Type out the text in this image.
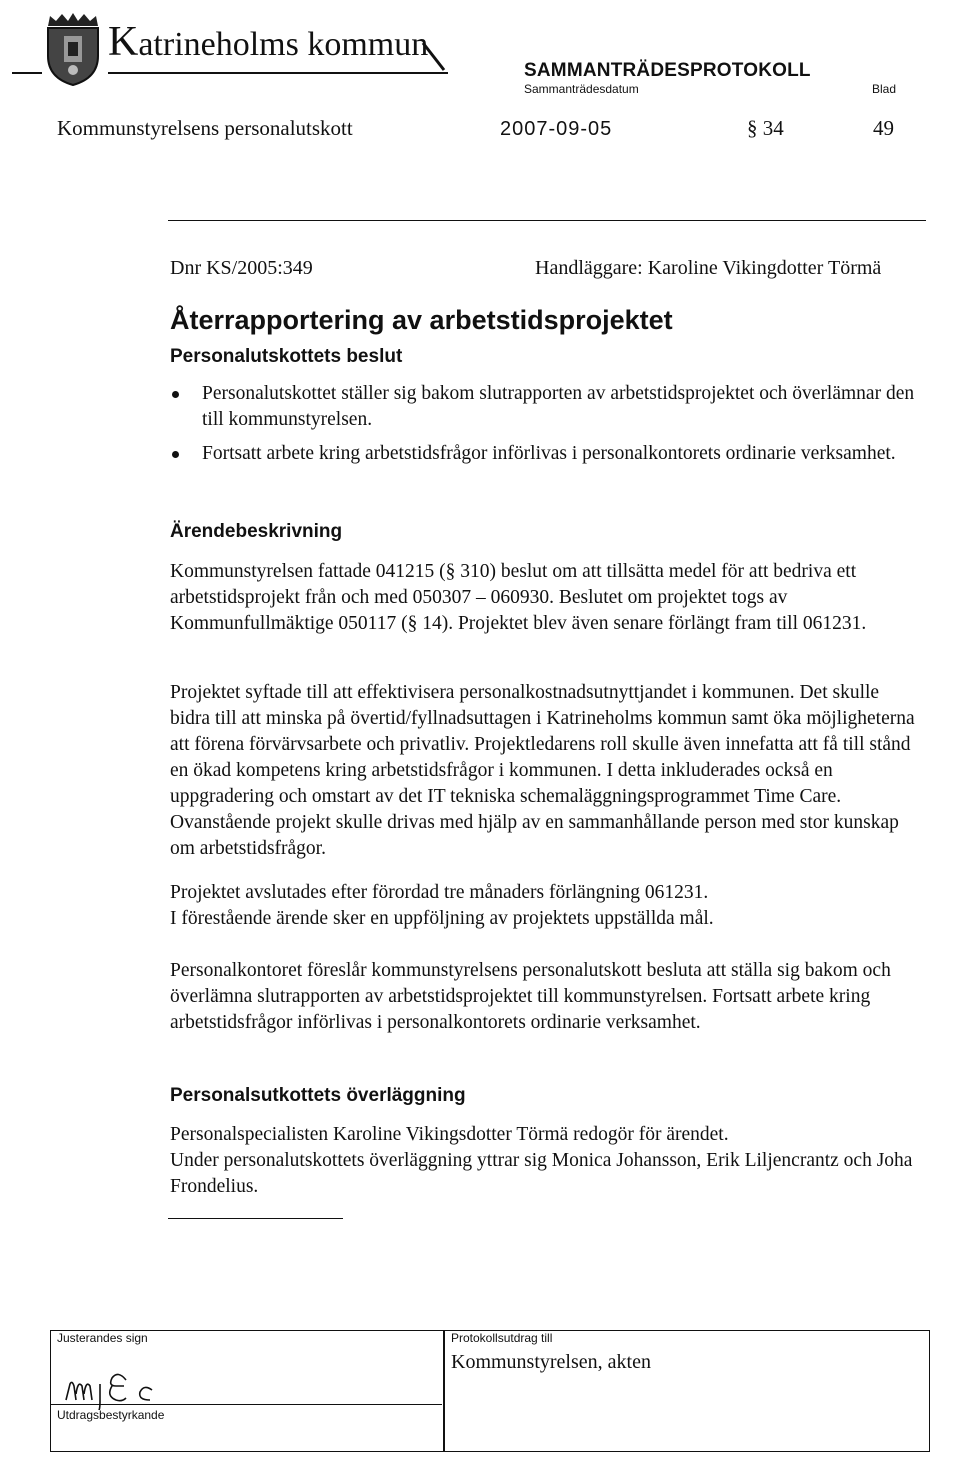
Katrineholms kommun
SAMMANTRÄDESPROTOKOLL
Sammanträdesdatum	Blad
Kommunstyrelsens personalutskott	2007-09-05	§ 34	49
Dnr KS/2005:349	Handläggare: Karoline Vikingdotter Törmä
Återrapportering av arbetstidsprojektet
Personalutskottets beslut
Personalutskottet ställer sig bakom slutrapporten av arbetstidsprojektet och överlämnar den till kommunstyrelsen.
Fortsatt arbete kring arbetstidsfrågor införlivas i personalkontorets ordinarie verksamhet.
Ärendebeskrivning

Kommunstyrelsen fattade 041215 (§ 310) beslut om att tillsätta medel för att bedriva ett arbetstidsprojekt från och med 050307 – 060930. Beslutet om projektet togs av Kommunfullmäktige 050117 (§ 14). Projektet blev även senare förlängt fram till 061231.

Projektet syftade till att effektivisera personalkostnadsutnyttjandet i kommunen. Det skulle bidra till att minska på övertid/fyllnadsuttagen i Katrineholms kommun samt öka möjligheterna att förena förvärvsarbete och privatliv. Projektledarens roll skulle även innefatta att få till stånd en ökad kompetens kring arbetstidsfrågor i kommunen. I detta inkluderades också en uppgradering och omstart av det IT tekniska schemaläggningsprogrammet Time Care. Ovanstående projekt skulle drivas med hjälp av en sammanhållande person med stor kunskap om arbetstidsfrågor.

Projektet avslutades efter förordad tre månaders förlängning 061231.
I förestående ärende sker en uppföljning av projektets uppställda mål.

Personalkontoret föreslår kommunstyrelsens personalutskott besluta att ställa sig bakom och överlämna slutrapporten av arbetstidsprojektet till kommunstyrelsen. Fortsatt arbete kring arbetstidsfrågor införlivas i personalkontorets ordinarie verksamhet.

Personalsutkottets överläggning

Personalspecialisten Karoline Vikingsdotter Törmä redogör för ärendet.
Under personalutskottets överläggning yttrar sig Monica Johansson, Erik Liljencrantz och Joha Frondelius.

Justerandes sign
Utdragsbestyrkande
Protokollsutdrag till
Kommunstyrelsen, akten
